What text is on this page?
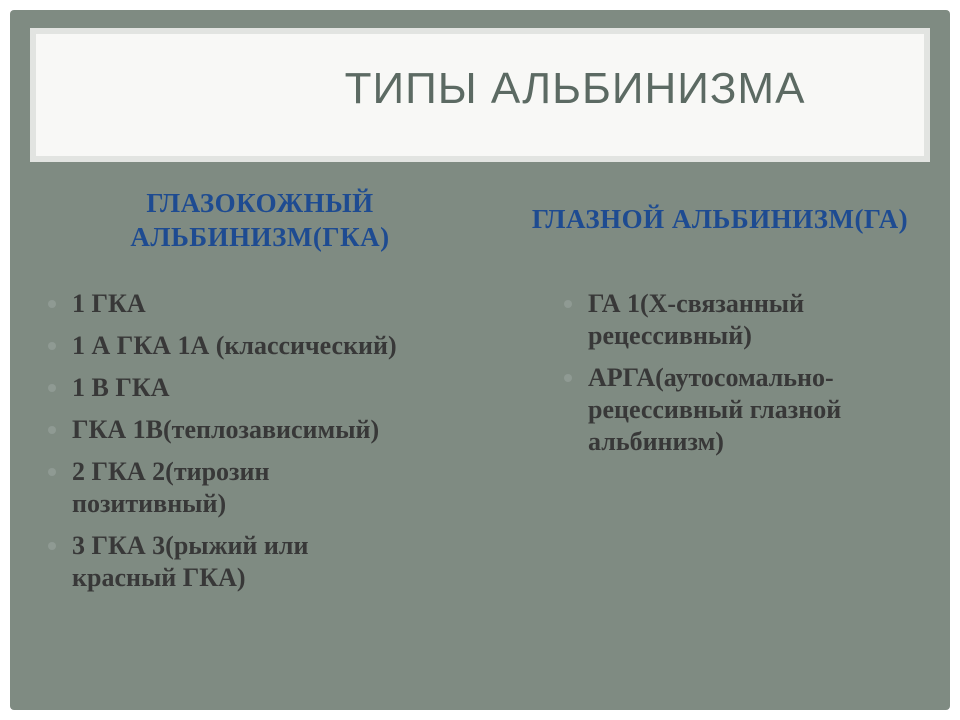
ТИПЫ АЛЬБИНИЗМА
ГЛАЗОКОЖНЫЙ
АЛЬБИНИЗМ(ГКА)
ГЛАЗНОЙ АЛЬБИНИЗМ(ГА)
1 ГКА
1 А ГКА 1А (классический)
1 В ГКА
ГКА 1В(теплозависимый)
2 ГКА 2(тирозин позитивный)
3 ГКА 3(рыжий или красный ГКА)
ГА 1(Х-связанный рецессивный)
АРГА(аутосомально-рецессивный глазной альбинизм)
